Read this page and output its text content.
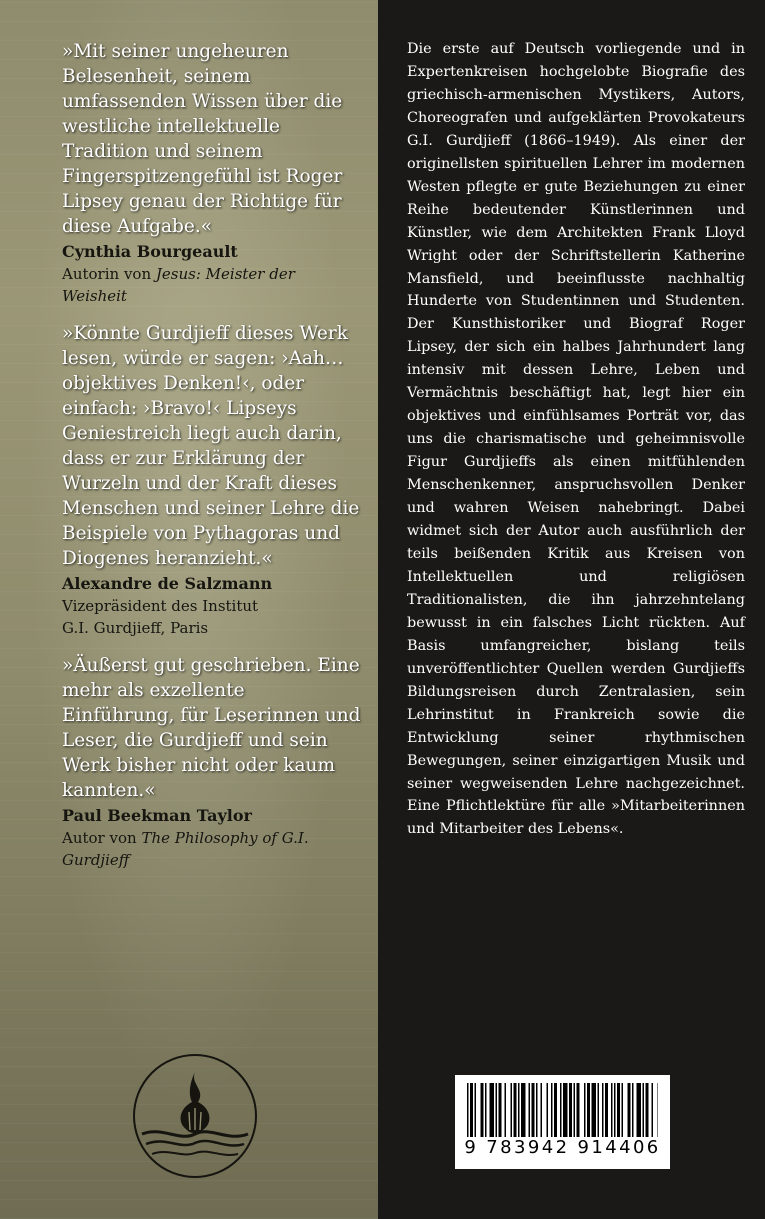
»Mit seiner ungeheuren Belesenheit, seinem umfassenden Wissen über die westliche intellektuelle Tradition und seinem Fingerspitzengefühl ist Roger Lipsey genau der Richtige für diese Aufgabe.«
Cynthia Bourgeault
Autorin von Jesus: Meister der Weisheit
»Könnte Gurdjieff dieses Werk lesen, würde er sagen: ›Aah… objektives Denken!‹, oder einfach: ›Bravo!‹ Lipseys Geniestreich liegt auch darin, dass er zur Erklärung der Wurzeln und der Kraft dieses Menschen und seiner Lehre die Beispiele von Pythagoras und Diogenes heranzieht.«
Alexandre de Salzmann
Vizepräsident des Institut
G.I. Gurdjieff, Paris
»Äußerst gut geschrieben. Eine mehr als exzellente Einführung, für Leserinnen und Leser, die Gurdjieff und sein Werk bisher nicht oder kaum kannten.«
Paul Beekman Taylor
Autor von The Philosophy of G.I. Gurdjieff
Die erste auf Deutsch vorliegende und in Expertenkreisen hochgelobte Biografie des griechisch-armenischen Mystikers, Autors, Choreografen und aufgeklärten Provokateurs G.I. Gurdjieff (1866–1949). Als einer der originellsten spirituellen Lehrer im modernen Westen pflegte er gute Beziehungen zu einer Reihe bedeutender Künstlerinnen und Künstler, wie dem Architekten Frank Lloyd Wright oder der Schriftstellerin Katherine Mansfield, und beeinflusste nachhaltig Hunderte von Studentinnen und Studenten. Der Kunsthistoriker und Biograf Roger Lipsey, der sich ein halbes Jahrhundert lang intensiv mit dessen Lehre, Leben und Vermächtnis beschäftigt hat, legt hier ein objektives und einfühlsames Porträt vor, das uns die charismatische und geheimnisvolle Figur Gurdjieffs als einen mitfühlenden Menschenkenner, anspruchsvollen Denker und wahren Weisen nahebringt. Dabei widmet sich der Autor auch ausführlich der teils beißenden Kritik aus Kreisen von Intellektuellen und religiösen Traditionalisten, die ihn jahrzehntelang bewusst in ein falsches Licht rückten. Auf Basis umfangreicher, bislang teils unveröffentlichter Quellen werden Gurdjieffs Bildungsreisen durch Zentralasien, sein Lehrinstitut in Frankreich sowie die Entwicklung seiner rhythmischen Bewegungen, seiner einzigartigen Musik und seiner wegweisenden Lehre nachgezeichnet. Eine Pflichtlektüre für alle »Mitarbeiterinnen und Mitarbeiter des Lebens«.
9 783942 914406
